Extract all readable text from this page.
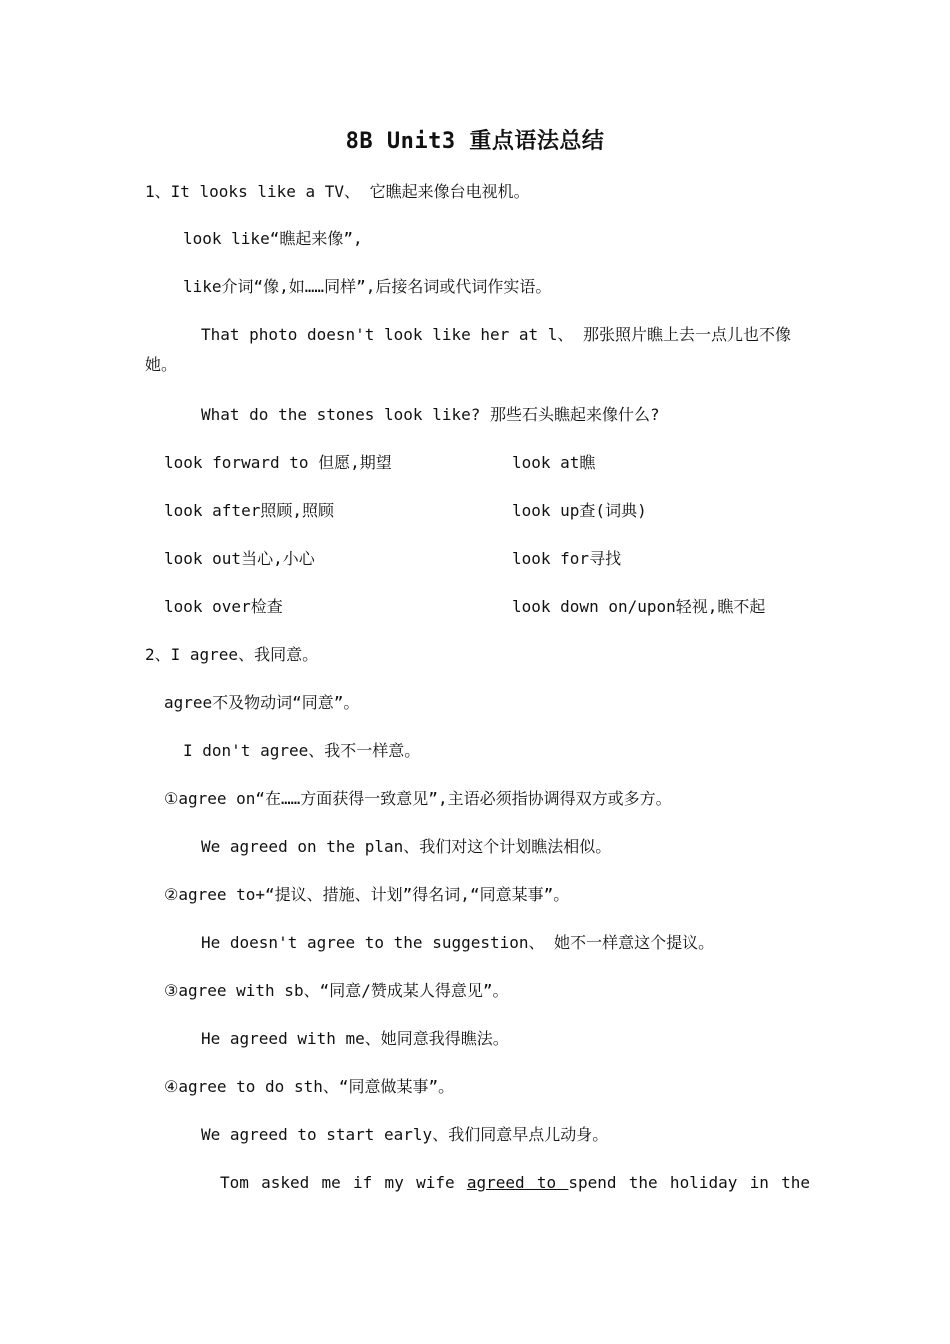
8B Unit3 重点语法总结
1、It looks like a TV、 它瞧起来像台电视机。
look like“瞧起来像”,
like介词“像,如……同样”,后接名词或代词作实语。
That photo doesn't look like her at l、 那张照片瞧上去一点儿也不像她。
What do the stones look like? 那些石头瞧起来像什么?
look forward to 但愿,期望	look at瞧
look after照顾,照顾	look up查(词典)
look out当心,小心	look for寻找
look over检查	look down on/upon轻视,瞧不起
2、I agree、我同意。
agree不及物动词“同意”。
I don't agree、我不一样意。
①agree on“在……方面获得一致意见”,主语必须指协调得双方或多方。
We agreed on the plan、我们对这个计划瞧法相似。
②agree to+“提议、措施、计划”得名词,“同意某事”。
He doesn't agree to the suggestion、 她不一样意这个提议。
③agree with sb、“同意/赞成某人得意见”。
He agreed with me、她同意我得瞧法。
④agree to do sth、“同意做某事”。
We agreed to start early、我们同意早点儿动身。
Tom asked me if my wife agreed to spend the holiday in the
